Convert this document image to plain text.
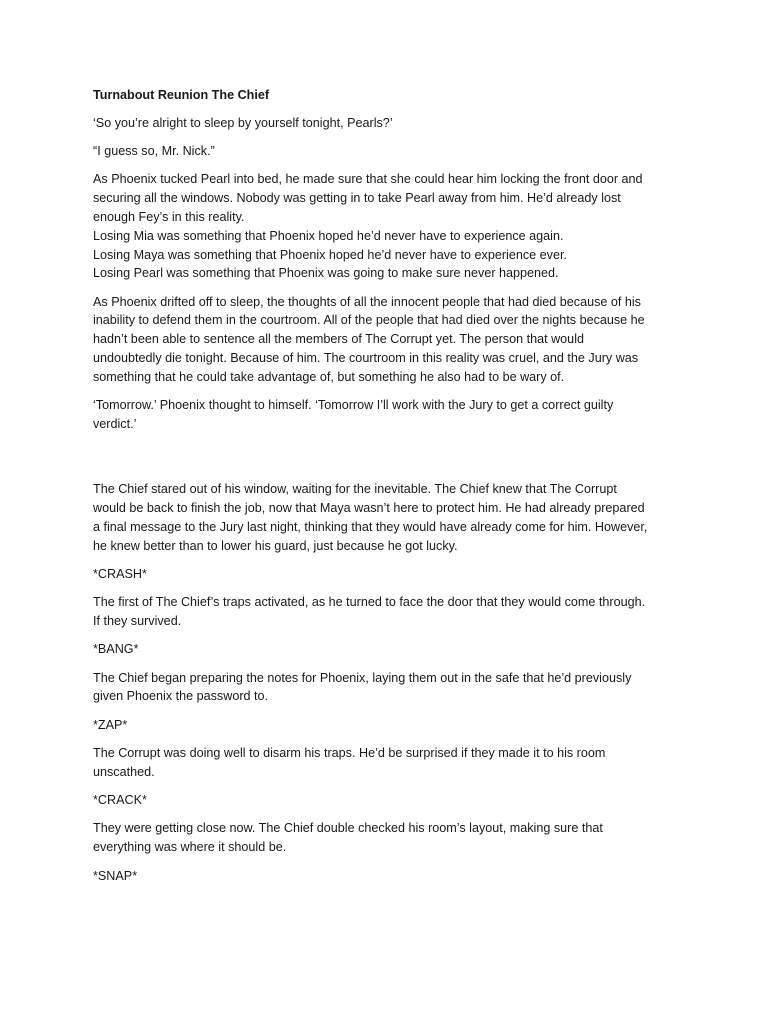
Turnabout Reunion The Chief
‘So you’re alright to sleep by yourself tonight, Pearls?’
“I guess so, Mr. Nick.”
As Phoenix tucked Pearl into bed, he made sure that she could hear him locking the front door and
securing all the windows. Nobody was getting in to take Pearl away from him. He’d already lost
enough Fey’s in this reality.
Losing Mia was something that Phoenix hoped he’d never have to experience again.
Losing Maya was something that Phoenix hoped he’d never have to experience ever.
Losing Pearl was something that Phoenix was going to make sure never happened.
As Phoenix drifted off to sleep, the thoughts of all the innocent people that had died because of his
inability to defend them in the courtroom. All of the people that had died over the nights because he
hadn’t been able to sentence all the members of The Corrupt yet. The person that would
undoubtedly die tonight. Because of him. The courtroom in this reality was cruel, and the Jury was
something that he could take advantage of, but something he also had to be wary of.
‘Tomorrow.’ Phoenix thought to himself. ‘Tomorrow I’ll work with the Jury to get a correct guilty
verdict.’
The Chief stared out of his window, waiting for the inevitable. The Chief knew that The Corrupt
would be back to finish the job, now that Maya wasn’t here to protect him. He had already prepared
a final message to the Jury last night, thinking that they would have already come for him. However,
he knew better than to lower his guard, just because he got lucky.
*CRASH*
The first of The Chief’s traps activated, as he turned to face the door that they would come through.
If they survived.
*BANG*
The Chief began preparing the notes for Phoenix, laying them out in the safe that he’d previously
given Phoenix the password to.
*ZAP*
The Corrupt was doing well to disarm his traps. He’d be surprised if they made it to his room
unscathed.
*CRACK*
They were getting close now. The Chief double checked his room’s layout, making sure that
everything was where it should be.
*SNAP*
